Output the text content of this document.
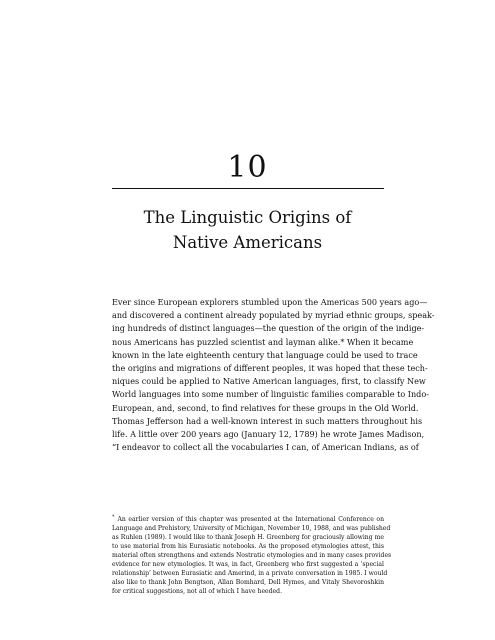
10
The Linguistic Origins of
Native Americans
Ever since European explorers stumbled upon the Americas 500 years ago—
and discovered a continent already populated by myriad ethnic groups, speak-
ing hundreds of distinct languages—the question of the origin of the indige-
nous Americans has puzzled scientist and layman alike.* When it became
known in the late eighteenth century that language could be used to trace
the origins and migrations of different peoples, it was hoped that these tech-
niques could be applied to Native American languages, first, to classify New
World languages into some number of linguistic families comparable to Indo-
European, and, second, to find relatives for these groups in the Old World.
Thomas Jefferson had a well-known interest in such matters throughout his
life. A little over 200 years ago (January 12, 1789) he wrote James Madison,
“I endeavor to collect all the vocabularies I can, of American Indians, as of
* An earlier version of this chapter was presented at the International Conference on
Language and Prehistory, University of Michigan, November 10, 1988, and was published
as Ruhlen (1989). I would like to thank Joseph H. Greenberg for graciously allowing me
to use material from his Eurasiatic notebooks. As the proposed etymologies attest, this
material often strengthens and extends Nostratic etymologies and in many cases provides
evidence for new etymologies. It was, in fact, Greenberg who first suggested a ‘special
relationship’ between Eurasiatic and Amerind, in a private conversation in 1985. I would
also like to thank John Bengtson, Allan Bomhard, Dell Hymes, and Vitaly Shevoroshkin
for critical suggestions, not all of which I have heeded.
